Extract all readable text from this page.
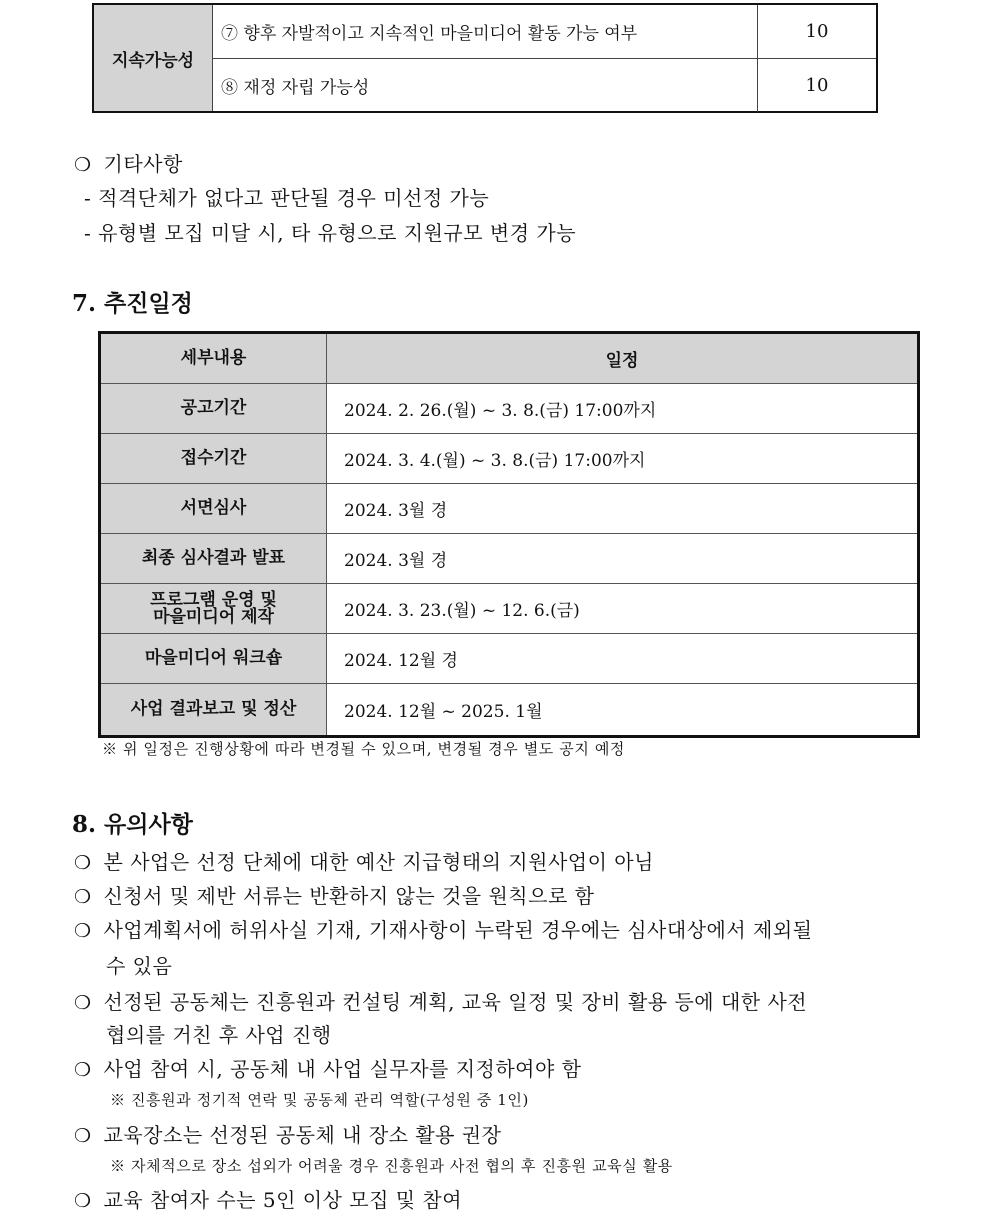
지속가능성
⑦ 향후 자발적이고 지속적인 마을미디어 활동 가능 여부	10
⑧ 재정 자립 가능성	10
❍ 기타사항
- 적격단체가 없다고 판단될 경우 미선정 가능
- 유형별 모집 미달 시, 타 유형으로 지원규모 변경 가능
7. 추진일정
세부내용	일정
공고기간	2024. 2. 26.(월) ~ 3. 8.(금) 17:00까지
접수기간	2024. 3. 4.(월) ~ 3. 8.(금) 17:00까지
서면심사	2024. 3월 경
최종 심사결과 발표	2024. 3월 경
프로그램 운영 및 마을미디어 제작	2024. 3. 23.(월) ~ 12. 6.(금)
마을미디어 워크숍	2024. 12월 경
사업 결과보고 및 정산	2024. 12월 ~ 2025. 1월
※ 위 일정은 진행상황에 따라 변경될 수 있으며, 변경될 경우 별도 공지 예정
8. 유의사항
❍ 본 사업은 선정 단체에 대한 예산 지급형태의 지원사업이 아님
❍ 신청서 및 제반 서류는 반환하지 않는 것을 원칙으로 함
❍ 사업계획서에 허위사실 기재, 기재사항이 누락된 경우에는 심사대상에서 제외될
수 있음
❍ 선정된 공동체는 진흥원과 컨설팅 계획, 교육 일정 및 장비 활용 등에 대한 사전
협의를 거친 후 사업 진행
❍ 사업 참여 시, 공동체 내 사업 실무자를 지정하여야 함
※ 진흥원과 정기적 연락 및 공동체 관리 역할(구성원 중 1인)
❍ 교육장소는 선정된 공동체 내 장소 활용 권장
※ 자체적으로 장소 섭외가 어려울 경우 진흥원과 사전 협의 후 진흥원 교육실 활용
❍ 교육 참여자 수는 5인 이상 모집 및 참여
